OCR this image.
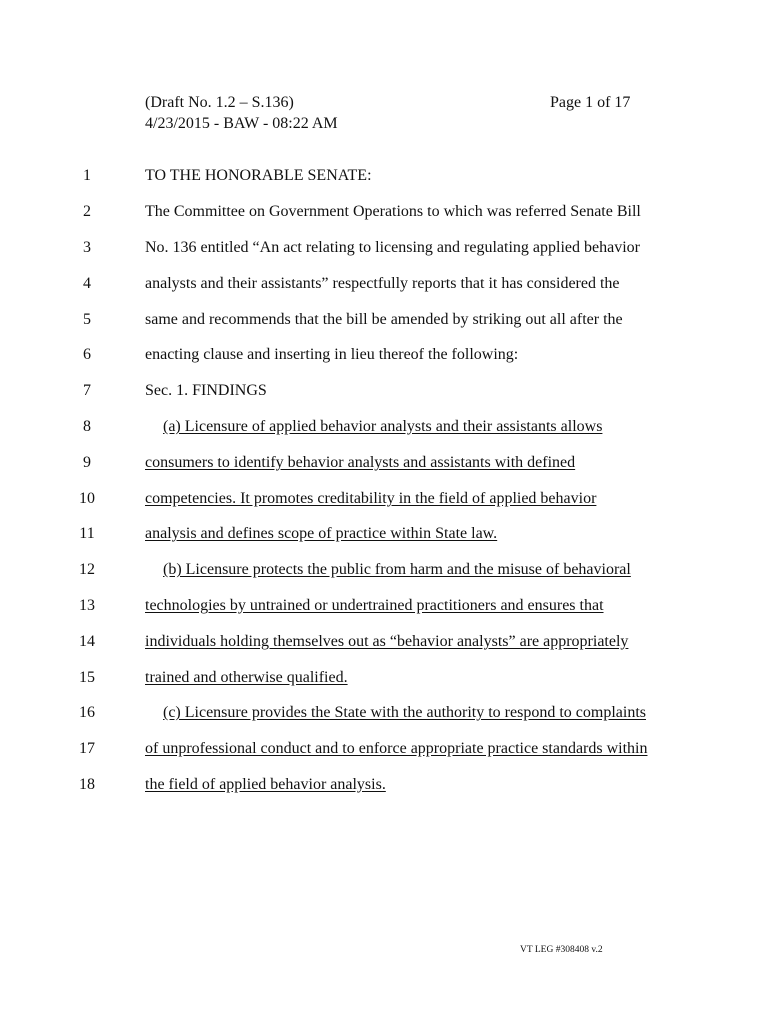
(Draft No. 1.2 – S.136)
4/23/2015 - BAW - 08:22 AM
Page 1 of 17
1	TO THE HONORABLE SENATE:
2	The Committee on Government Operations to which was referred Senate Bill
3	No. 136 entitled “An act relating to licensing and regulating applied behavior
4	analysts and their assistants” respectfully reports that it has considered the
5	same and recommends that the bill be amended by striking out all after the
6	enacting clause and inserting in lieu thereof the following:
7	Sec. 1. FINDINGS
8	(a) Licensure of applied behavior analysts and their assistants allows
9	consumers to identify behavior analysts and assistants with defined
10	competencies. It promotes creditability in the field of applied behavior
11	analysis and defines scope of practice within State law.
12	(b) Licensure protects the public from harm and the misuse of behavioral
13	technologies by untrained or undertrained practitioners and ensures that
14	individuals holding themselves out as “behavior analysts” are appropriately
15	trained and otherwise qualified.
16	(c) Licensure provides the State with the authority to respond to complaints
17	of unprofessional conduct and to enforce appropriate practice standards within
18	the field of applied behavior analysis.
VT LEG #308408 v.2
